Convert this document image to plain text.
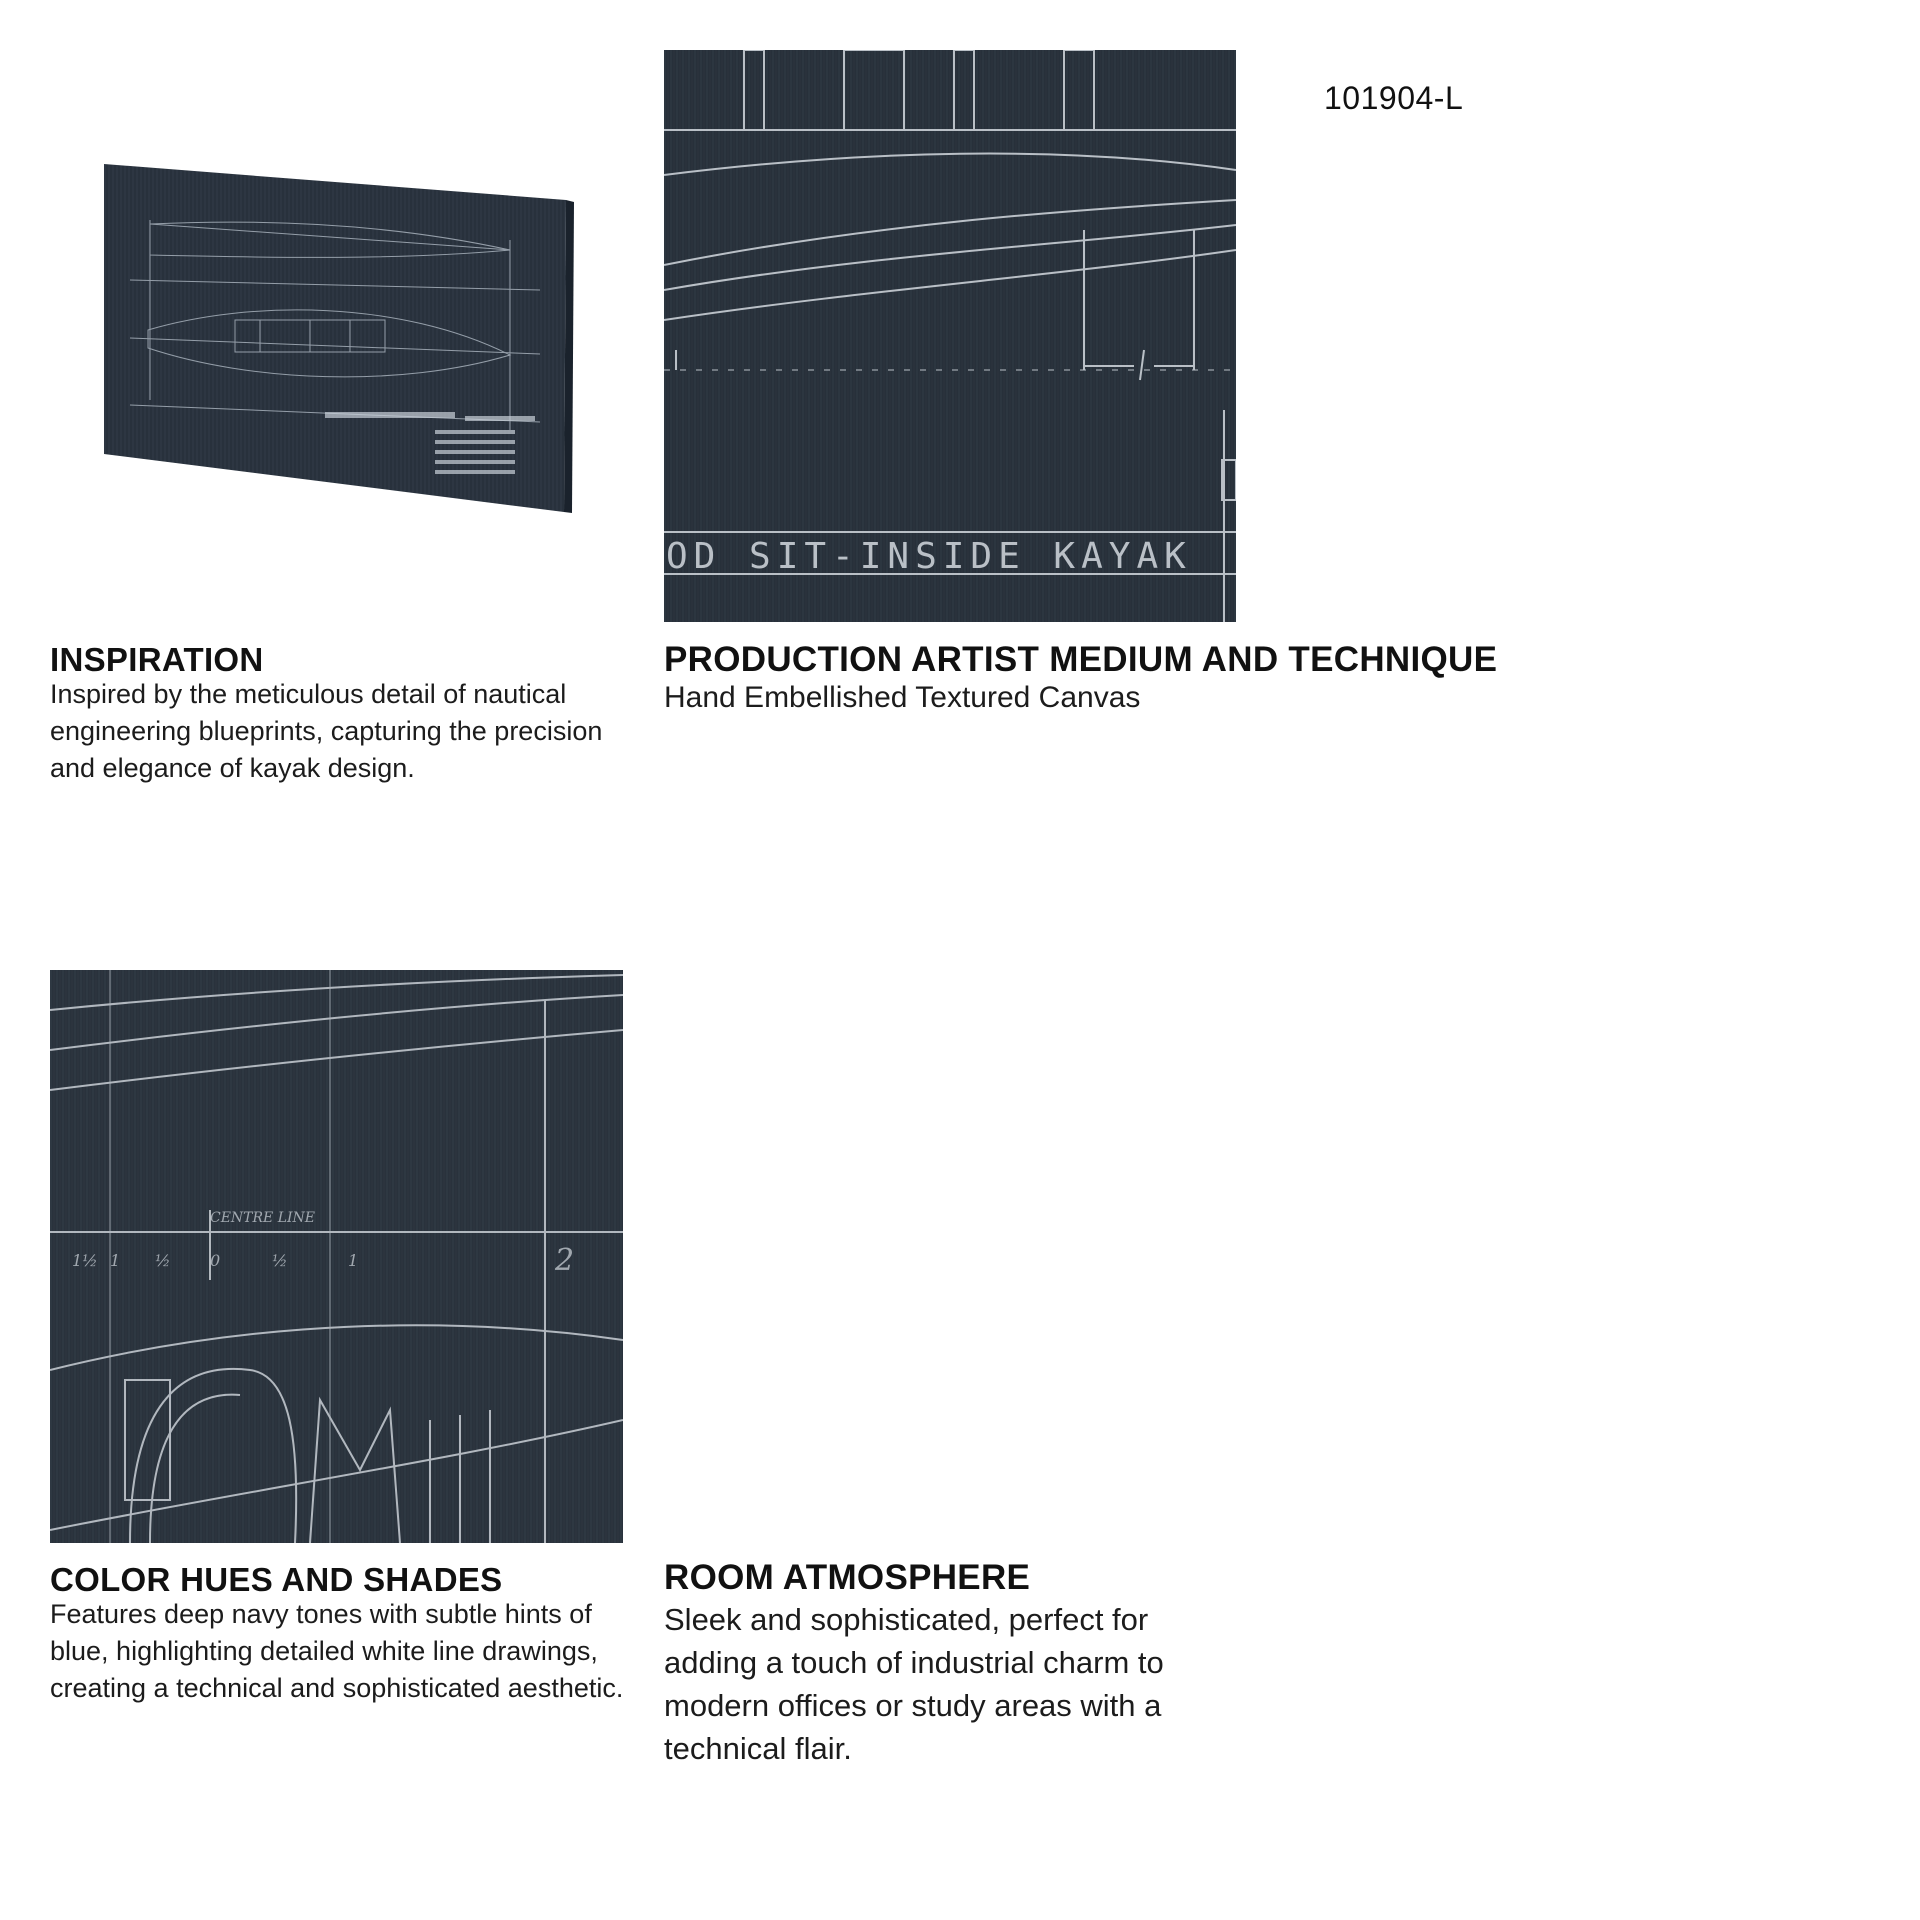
101904-L
OD SIT-INSIDE KAYAK
CENTRE LINE
1½ 1 ½ 0	½	1	2
INSPIRATION
Inspired by the meticulous detail of nautical engineering blueprints, capturing the precision and elegance of kayak design.
PRODUCTION ARTIST MEDIUM AND TECHNIQUE
Hand Embellished Textured Canvas
COLOR HUES AND SHADES
Features deep navy tones with subtle hints of blue, highlighting detailed white line drawings, creating a technical and sophisticated aesthetic.
ROOM ATMOSPHERE
Sleek and sophisticated, perfect for adding a touch of industrial charm to modern offices or study areas with a technical flair.
